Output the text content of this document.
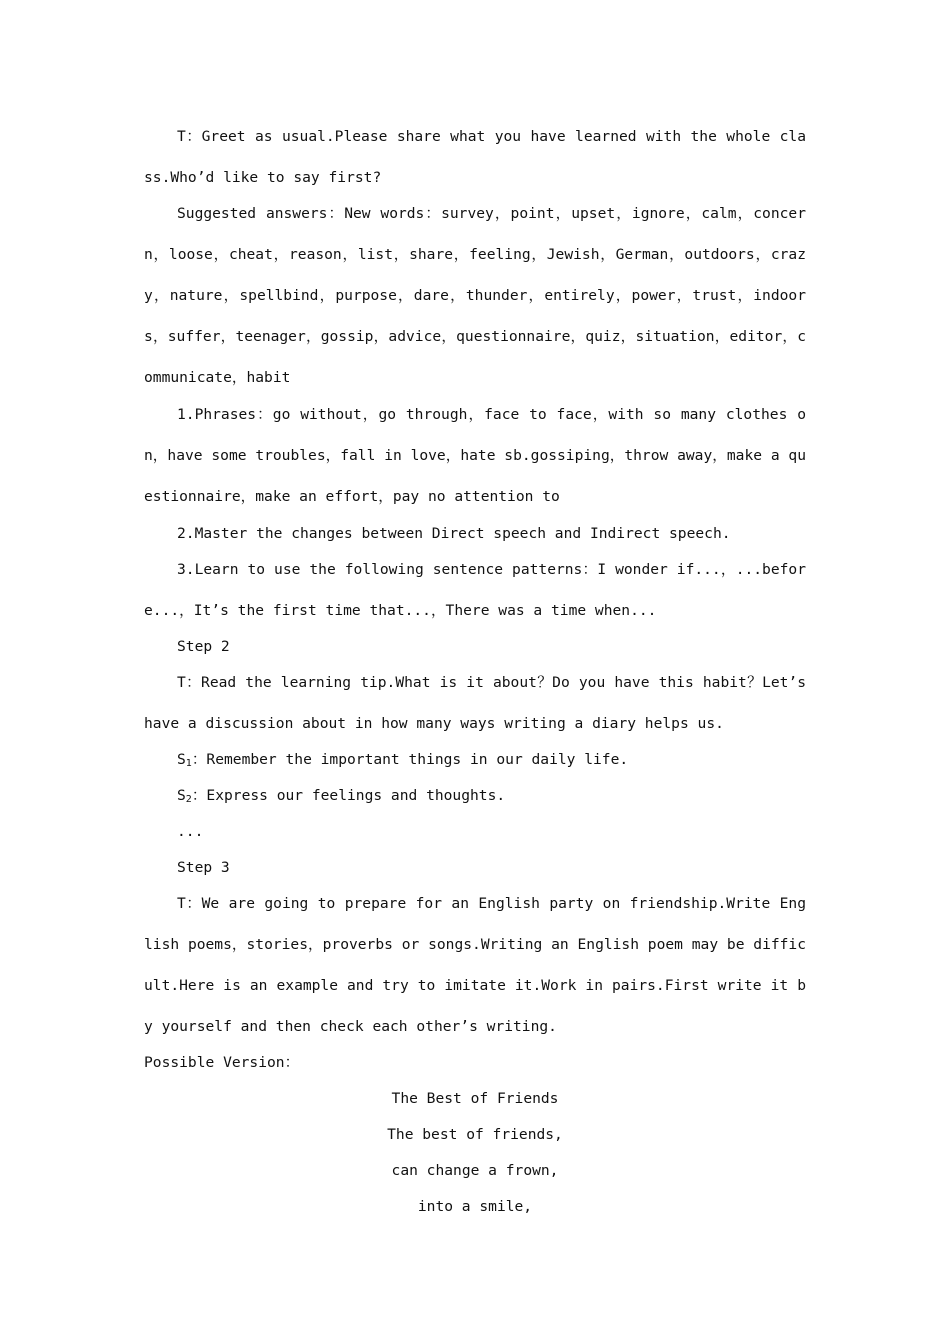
T：Greet as usual.Please share what you have learned with the whole class.Who’d like to say first?

Suggested answers：New words：survey，point，upset，ignore，calm，concern，loose，cheat，reason，list，share，feeling，Jewish，German，outdoors，crazy，nature，spellbind，purpose，dare，thunder，entirely，power，trust，indoors，suffer，teenager，gossip，advice，questionnaire，quiz，situation，editor，communicate，habit

1.Phrases：go without，go through，face to face，with so many clothes on，have some troubles，fall in love，hate sb.gossiping，throw away，make a questionnaire，make an effort，pay no attention to

2.Master the changes between Direct speech and Indirect speech.

3.Learn to use the following sentence patterns：I wonder if...，...before...，It’s the first time that...，There was a time when...

Step 2

T：Read the learning tip.What is it about？Do you have this habit？Let’s have a discussion about in how many ways writing a diary helps us.

$S_1$：Remember the important things in our daily life.

$S_2$：Express our feelings and thoughts.

...

Step 3

T：We are going to prepare for an English party on friendship.Write English poems，stories，proverbs or songs.Writing an English poem may be difficult.Here is an example and try to imitate it.Work in pairs.First write it by yourself and then check each other’s writing.

Possible Version：

The Best of Friends
The best of friends,
can change a frown,
into a smile,
